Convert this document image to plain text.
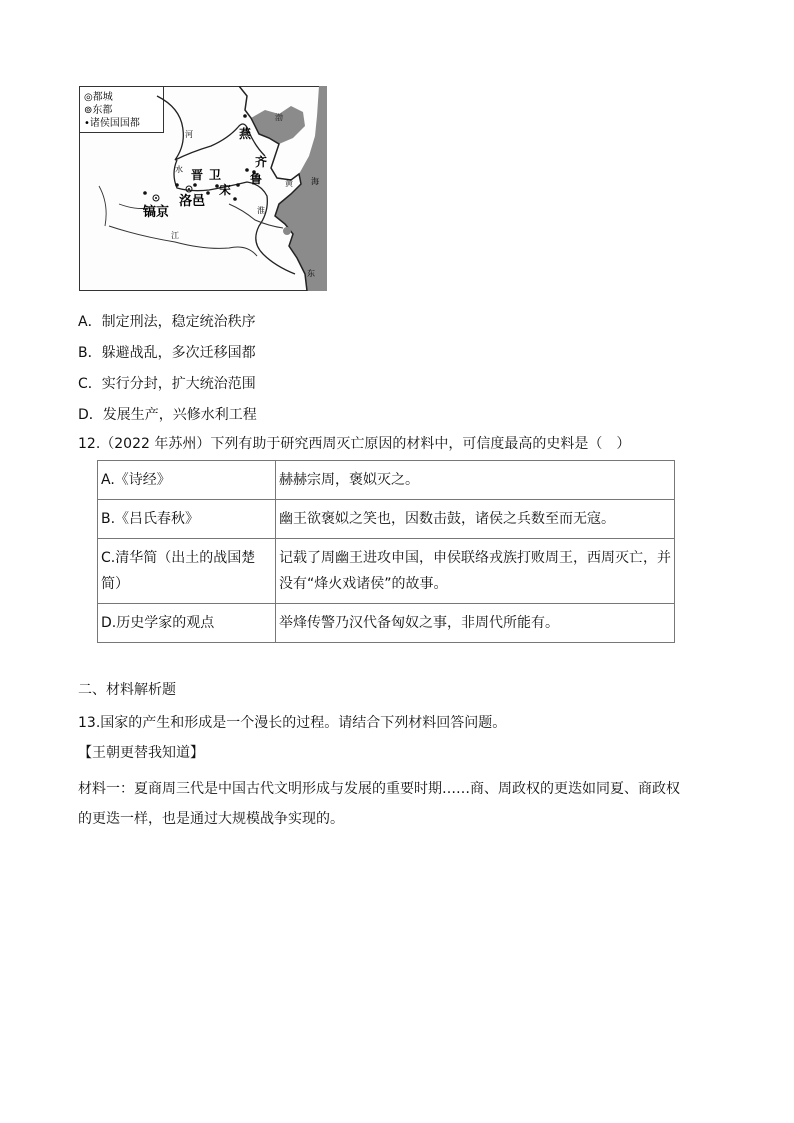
◎都城
⊚东都
•诸侯国国都
燕
齐
鲁
卫
晋
宋
洛邑
镐京
河
水
淮
江
渤
黄 海
东
A．制定刑法，稳定统治秩序
B．躲避战乱，多次迁移国都
C．实行分封，扩大统治范围
D．发展生产，兴修水利工程
12.（2022 年苏州）下列有助于研究西周灭亡原因的材料中，可信度最高的史料是（　）
A.《诗经》	赫赫宗周，褒姒灭之。
B.《吕氏春秋》	幽王欲褒姒之笑也，因数击鼓，诸侯之兵数至而无寇。
C.清华简（出土的战国楚简）	记载了周幽王进攻申国，申侯联络戎族打败周王，西周灭亡，并
没有“烽火戏诸侯”的故事。

D.历史学家的观点	举烽传警乃汉代备匈奴之事，非周代所能有。
二、材料解析题
13.国家的产生和形成是一个漫长的过程。请结合下列材料回答问题。
【王朝更替我知道】
材料一：夏商周三代是中国古代文明形成与发展的重要时期……商、周政权的更迭如同夏、商政权的更迭一样，也是通过大规模战争实现的。
